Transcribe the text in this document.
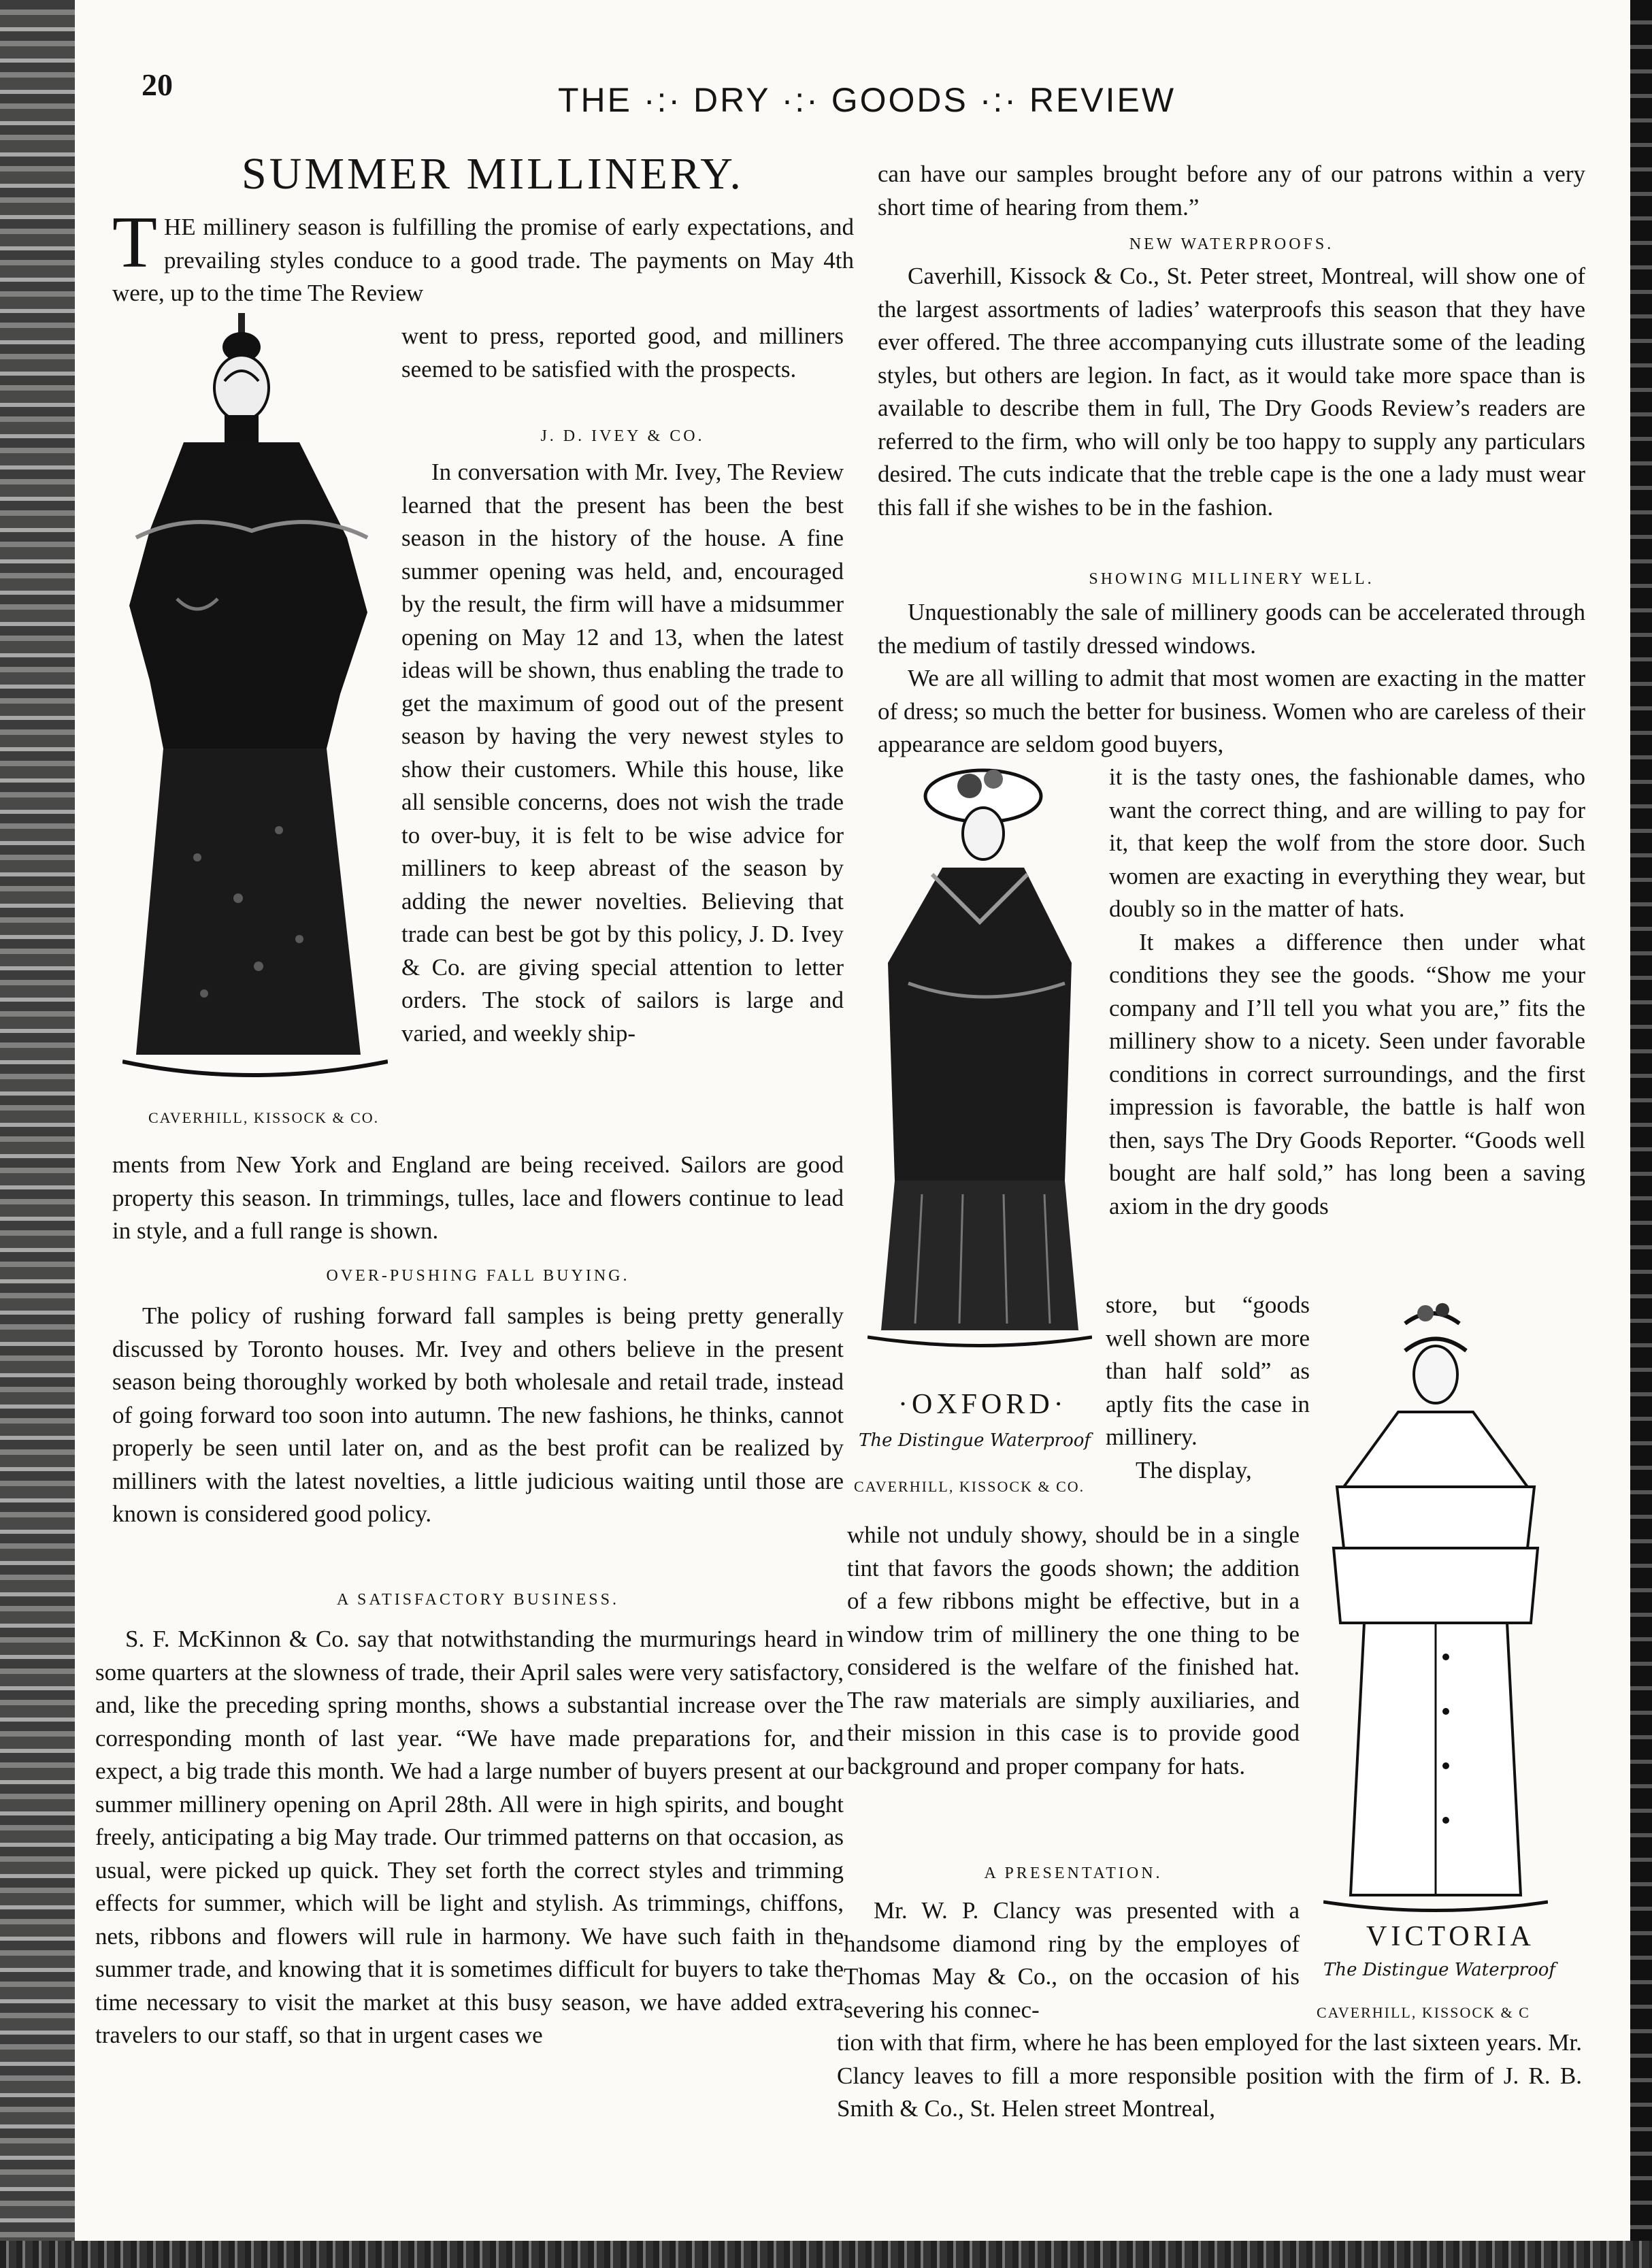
20	THE ·:· DRY ·:· GOODS ·:· REVIEW
SUMMER MILLINERY.
T HE millinery season is fulfilling the promise of early expectations, and prevailing styles conduce to a good trade. The payments on May 4th were, up to the time The Review

went to press, reported good, and milliners seemed to be satisfied with the prospects.

CAVERHILL, KISSOCK & CO.
J. D. IVEY & CO.

In conversation with Mr. Ivey, The Review learned that the present has been the best season in the history of the house. A fine summer opening was held, and, encouraged by the result, the firm will have a midsummer opening on May 12 and 13, when the latest ideas will be shown, thus enabling the trade to get the maximum of good out of the present season by having the very newest styles to show their customers. While this house, like all sensible concerns, does not wish the trade to over-buy, it is felt to be wise advice for milliners to keep abreast of the season by adding the newer novelties. Believing that trade can best be got by this policy, J. D. Ivey & Co. are giving special attention to letter orders. The stock of sailors is large and varied, and weekly ship-

ments from New York and England are being received. Sailors are good property this season. In trimmings, tulles, lace and flowers continue to lead in style, and a full range is shown.

OVER-PUSHING FALL BUYING.

The policy of rushing forward fall samples is being pretty generally discussed by Toronto houses. Mr. Ivey and others believe in the present season being thoroughly worked by both wholesale and retail trade, instead of going forward too soon into autumn. The new fashions, he thinks, cannot properly be seen until later on, and as the best profit can be realized by milliners with the latest novelties, a little judicious waiting until those are known is considered good policy.

A SATISFACTORY BUSINESS.

S. F. McKinnon & Co. say that notwithstanding the murmurings heard in some quarters at the slowness of trade, their April sales were very satisfactory, and, like the preceding spring months, shows a substantial increase over the corresponding month of last year. “We have made preparations for, and expect, a big trade this month. We had a large number of buyers present at our summer millinery opening on April 28th. All were in high spirits, and bought freely, anticipating a big May trade. Our trimmed patterns on that occasion, as usual, were picked up quick. They set forth the correct styles and trimming effects for summer, which will be light and stylish. As trimmings, chiffons, nets, ribbons and flowers will rule in harmony. We have such faith in the summer trade, and knowing that it is sometimes difficult for buyers to take the time necessary to visit the market at this busy season, we have added extra travelers to our staff, so that in urgent cases we

can have our samples brought before any of our patrons within a very short time of hearing from them.”

NEW WATERPROOFS.

Caverhill, Kissock & Co., St. Peter street, Montreal, will show one of the largest assortments of ladies’ waterproofs this season that they have ever offered. The three accompanying cuts illustrate some of the leading styles, but others are legion. In fact, as it would take more space than is available to describe them in full, The Dry Goods Review’s readers are referred to the firm, who will only be too happy to supply any particulars desired. The cuts indicate that the treble cape is the one a lady must wear this fall if she wishes to be in the fashion.

SHOWING MILLINERY WELL.

Unquestionably the sale of millinery goods can be accelerated through the medium of tastily dressed windows.

We are all willing to admit that most women are exacting in the matter of dress; so much the better for business. Women who are careless of their appearance are seldom good buyers,

·OXFORD·
The Distingue Waterproof
CAVERHILL, KISSOCK & CO.

it is the tasty ones, the fashionable dames, who want the correct thing, and are willing to pay for it, that keep the wolf from the store door. Such women are exacting in everything they wear, but doubly so in the matter of hats.

It makes a difference then under what conditions they see the goods. “Show me your company and I’ll tell you what you are,” fits the millinery show to a nicety. Seen under favorable conditions in correct surroundings, and the first impression is favorable, the battle is half won then, says The Dry Goods Reporter. “Goods well bought are half sold,” has long been a saving axiom in the dry goods

store, but “goods well shown are more than half sold” as aptly fits the case in millinery.

The display,

VICTORIA
The Distingue Waterproof
CAVERHILL, KISSOCK & C

while not unduly showy, should be in a single tint that favors the goods shown; the addition of a few ribbons might be effective, but in a window trim of millinery the one thing to be considered is the welfare of the finished hat. The raw materials are simply auxiliaries, and their mission in this case is to provide good background and proper company for hats.

A PRESENTATION.

Mr. W. P. Clancy was presented with a handsome diamond ring by the employes of Thomas May & Co., on the occasion of his severing his connec-

tion with that firm, where he has been employed for the last sixteen years. Mr. Clancy leaves to fill a more responsible position with the firm of J. R. B. Smith & Co., St. Helen street Montreal,
